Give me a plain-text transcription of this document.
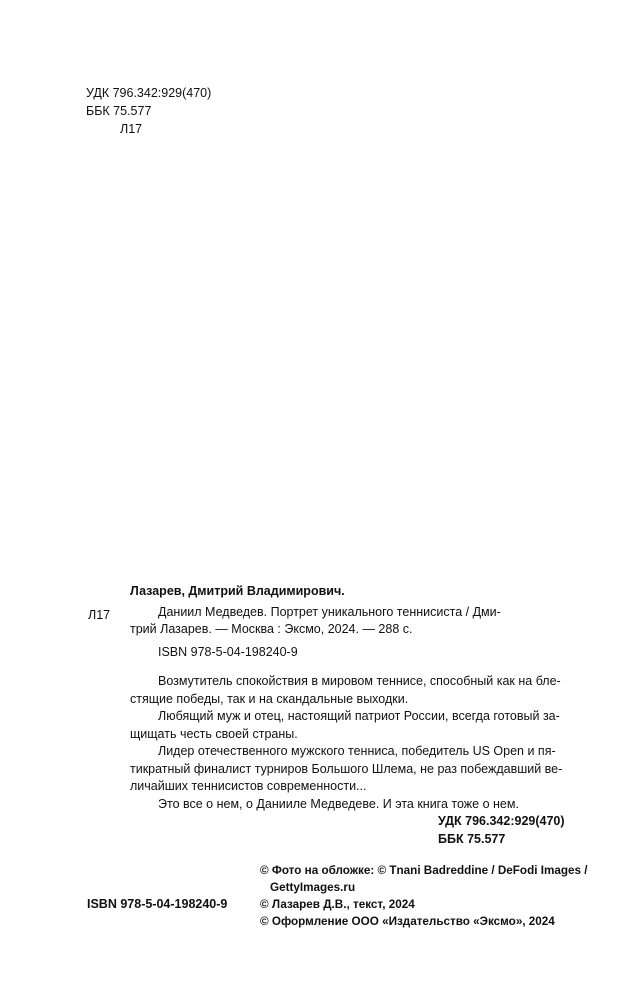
УДК 796.342:929(470)
ББК 75.577
Л17
Л17
Лазарев, Дмитрий Владимирович.

Даниил Медведев. Портрет уникального теннисиста / Дми-

трий Лазарев. — Москва : Эксмо, 2024. — 288 с.

ISBN 978-5-04-198240-9

Возмутитель спокойствия в мировом теннисе, способный как на бле-

стящие победы, так и на скандальные выходки.

Любящий муж и отец, настоящий патриот России, всегда готовый за-

щищать честь своей страны.

Лидер отечественного мужского тенниса, победитель US Open и пя-

тикратный финалист турниров Большого Шлема, не раз побеждавший ве-

личайших теннисистов современности...

Это все о нем, о Данииле Медведеве. И эта книга тоже о нем.

УДК 796.342:929(470)
ББК 75.577
© Фото на обложке: © Tnani Badreddine / DeFodi Images /
GettyImages.ru
© Лазарев Д.В., текст, 2024
© Оформление ООО «Издательство «Эксмо», 2024
ISBN 978-5-04-198240-9
